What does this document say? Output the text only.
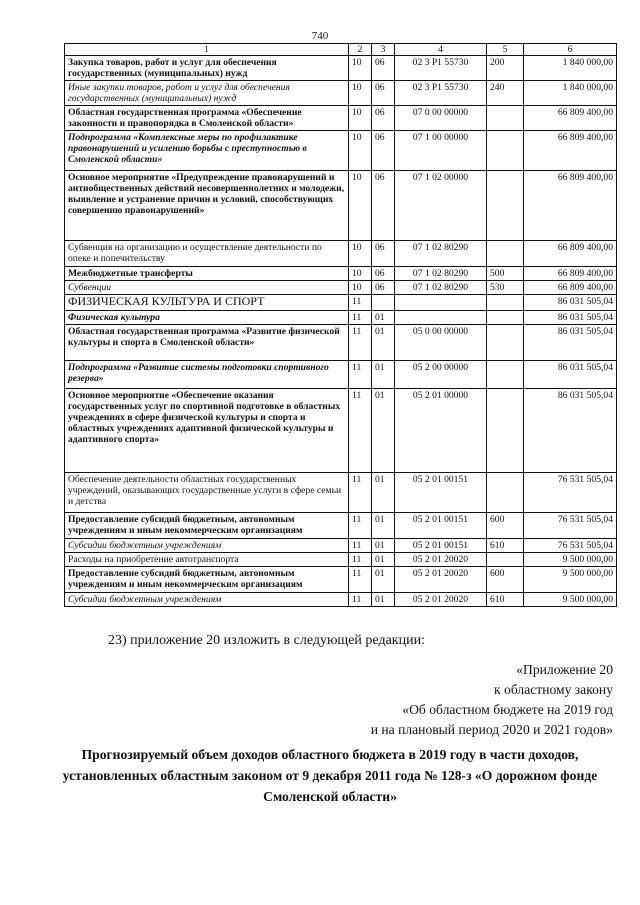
740
1	2	3	4	5	6
Закупка товаров, работ и услуг для обеспечения государственных (муниципальных) нужд	10	06	02 3 P1 55730	200	1 840 000,00
Иные закупки товаров, работ и услуг для обеспечения государственных (муниципальных) нужд	10	06	02 3 P1 55730	240	1 840 000,00
Областная государственная программа «Обеспечение законности и правопорядка в Смоленской области»	10	06	07 0 00 00000		66 809 400,00
Подпрограмма «Комплексные меры по профилактике правонарушений и усилению борьбы с преступностью в Смоленской области»	10	06	07 1 00 00000		66 809 400,00
Основное мероприятие «Предупреждение правонарушений и антиобщественных действий несовершеннолетних и молодежи, выявление и устранение причин и условий, способствующих совершению правонарушений»	10	06	07 1 02 00000		66 809 400,00
Субвенция на организацию и осуществление деятельности по опеке и попечительству	10	06	07 1 02 80290		66 809 400,00
Межбюджетные трансферты	10	06	07 1 02 80290	500	66 809 400,00
Субвенции	10	06	07 1 02 80290	530	66 809 400,00
ФИЗИЧЕСКАЯ КУЛЬТУРА И СПОРТ	11				86 031 505,04
Физическая культура	11	01			86 031 505,04
Областная государственная программа «Развитие физической культуры и спорта в Смоленской области»	11	01	05 0 00 00000		86 031 505,04
Подпрограмма «Развитие системы подготовки спортивного резерва»	11	01	05 2 00 00000		86 031 505,04
Основное мероприятие «Обеспечение оказания государственных услуг по спортивной подготовке в областных учреждениях в сфере физической культуры и спорта и областных учреждениях адаптивной физической культуры и адаптивного спорта»	11	01	05 2 01 00000		86 031 505,04
Обеспечение деятельности областных государственных учреждений, оказывающих государственные услуги в сфере семьи и детства	11	01	05 2 01 00151		76 531 505,04
Предоставление субсидий бюджетным, автономным учреждениям и иным некоммерческим организациям	11	01	05 2 01 00151	600	76 531 505,04
Субсидии бюджетным учреждениям	11	01	05 2 01 00151	610	76 531 505,04
Расходы на приобретение автотранспорта	11	01	05 2 01 20020		9 500 000,00
Предоставление субсидий бюджетным, автономным учреждениям и иным некоммерческим организациям	11	01	05 2 01 20020	600	9 500 000,00
Субсидии бюджетным учреждениям	11	01	05 2 01 20020	610	9 500 000,00
23) приложение 20 изложить в следующей редакции:
«Приложение 20
к областному закону
«Об областном бюджете на 2019 год
и на плановый период 2020 и 2021 годов»
Прогнозируемый объем доходов областного бюджета в 2019 году в части доходов, установленных областным законом от 9 декабря 2011 года № 128-з «О дорожном фонде Смоленской области»
